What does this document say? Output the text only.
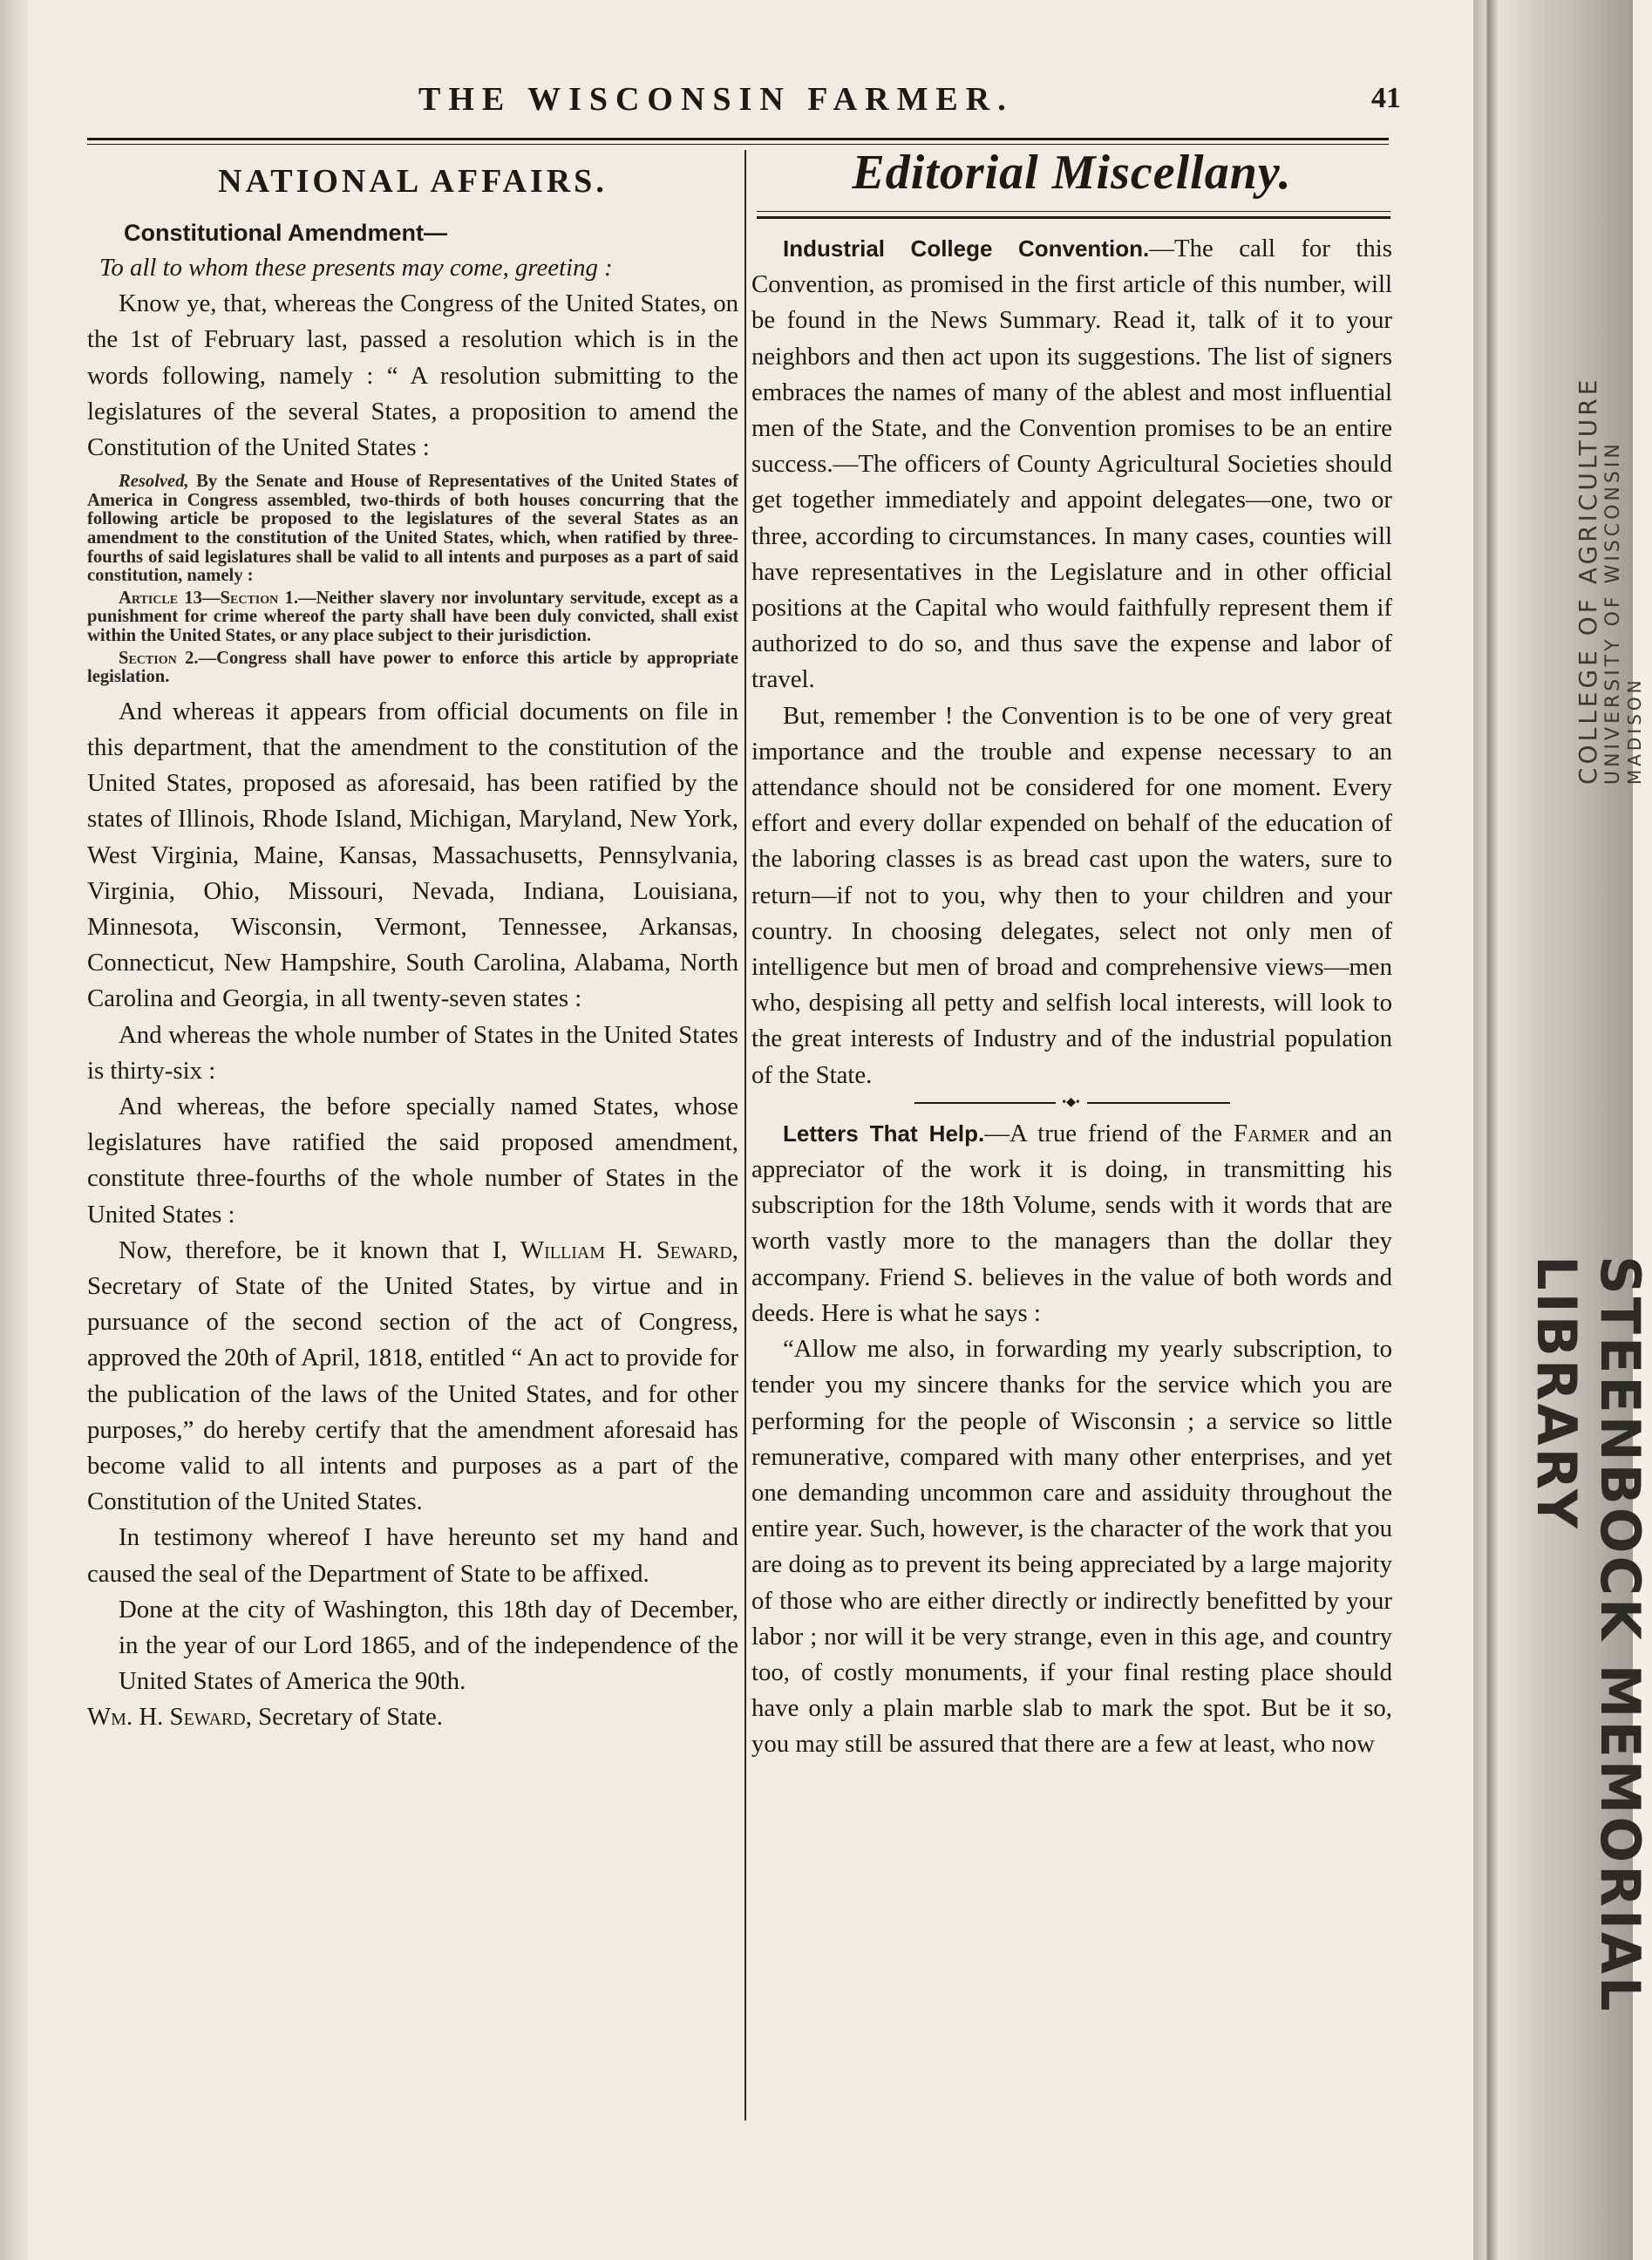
COLLEGE OF AGRICULTURE UNIVERSITY OF WISCONSIN MADISON
STEENBOCK MEMORIAL LIBRARY
THE WISCONSIN FARMER.	41
NATIONAL AFFAIRS.
Constitutional Amendment—
To all to whom these presents may come, greeting :

Know ye, that, whereas the Congress of the United States, on the 1st of February last, passed a resolution which is in the words following, namely : “ A resolution submitting to the legislatures of the several States, a proposition to amend the Constitution of the United States :

Resolved, By the Senate and House of Representatives of the United States of America in Congress assembled, two-thirds of both houses concurring that the following article be proposed to the legislatures of the several States as an amendment to the constitution of the United States, which, when ratified by three-fourths of said legislatures shall be valid to all intents and purposes as a part of said constitution, namely :
Article 13—Section 1.—Neither slavery nor involuntary servitude, except as a punishment for crime whereof the party shall have been duly convicted, shall exist within the United States, or any place subject to their jurisdiction.
Section 2.—Congress shall have power to enforce this article by appropriate legislation.

And whereas it appears from official documents on file in this department, that the amendment to the constitution of the United States, proposed as aforesaid, has been ratified by the states of Illinois, Rhode Island, Michigan, Maryland, New York, West Virginia, Maine, Kansas, Massachusetts, Pennsylvania, Virginia, Ohio, Missouri, Nevada, Indiana, Louisiana, Minnesota, Wisconsin, Vermont, Tennessee, Arkansas, Connecticut, New Hampshire, South Carolina, Alabama, North Carolina and Georgia, in all twenty-seven states :

And whereas the whole number of States in the United States is thirty-six :

And whereas, the before specially named States, whose legislatures have ratified the said proposed amendment, constitute three-fourths of the whole number of States in the United States :

Now, therefore, be it known that I, William H. Seward, Secretary of State of the United States, by virtue and in pursuance of the second section of the act of Congress, approved the 20th of April, 1818, entitled “ An act to provide for the publication of the laws of the United States, and for other purposes,” do hereby certify that the amendment aforesaid has become valid to all intents and purposes as a part of the Constitution of the United States.

In testimony whereof I have hereunto set my hand and caused the seal of the Department of State to be affixed.

Done at the city of Washington, this 18th day of December, in the year of our Lord 1865, and of the independence of the United States of America the 90th.

Wm. H. Seward, Secretary of State.

Editorial Miscellany.

Industrial College Convention.—The call for this Convention, as promised in the first article of this number, will be found in the News Summary. Read it, talk of it to your neighbors and then act upon its suggestions. The list of signers embraces the names of many of the ablest and most influential men of the State, and the Convention promises to be an entire success.—The officers of County Agricultural Societies should get together immediately and appoint delegates—one, two or three, according to circumstances. In many cases, counties will have representatives in the Legislature and in other official positions at the Capital who would faithfully represent them if authorized to do so, and thus save the expense and labor of travel.

But, remember ! the Convention is to be one of very great importance and the trouble and expense necessary to an attendance should not be considered for one moment. Every effort and every dollar expended on behalf of the education of the laboring classes is as bread cast upon the waters, sure to return—if not to you, why then to your children and your country. In choosing delegates, select not only men of intelligence but men of broad and comprehensive views—men who, despising all petty and selfish local interests, will look to the great interests of Industry and of the industrial population of the State.

•◆•

Letters That Help.—A true friend of the Farmer and an appreciator of the work it is doing, in transmitting his subscription for the 18th Volume, sends with it words that are worth vastly more to the managers than the dollar they accompany. Friend S. believes in the value of both words and deeds. Here is what he says :

“Allow me also, in forwarding my yearly subscription, to tender you my sincere thanks for the service which you are performing for the people of Wisconsin ; a service so little remunerative, compared with many other enterprises, and yet one demanding uncommon care and assiduity throughout the entire year. Such, however, is the character of the work that you are doing as to prevent its being appreciated by a large majority of those who are either directly or indirectly benefitted by your labor ; nor will it be very strange, even in this age, and country too, of costly monuments, if your final resting place should have only a plain marble slab to mark the spot. But be it so, you may still be assured that there are a few at least, who now
